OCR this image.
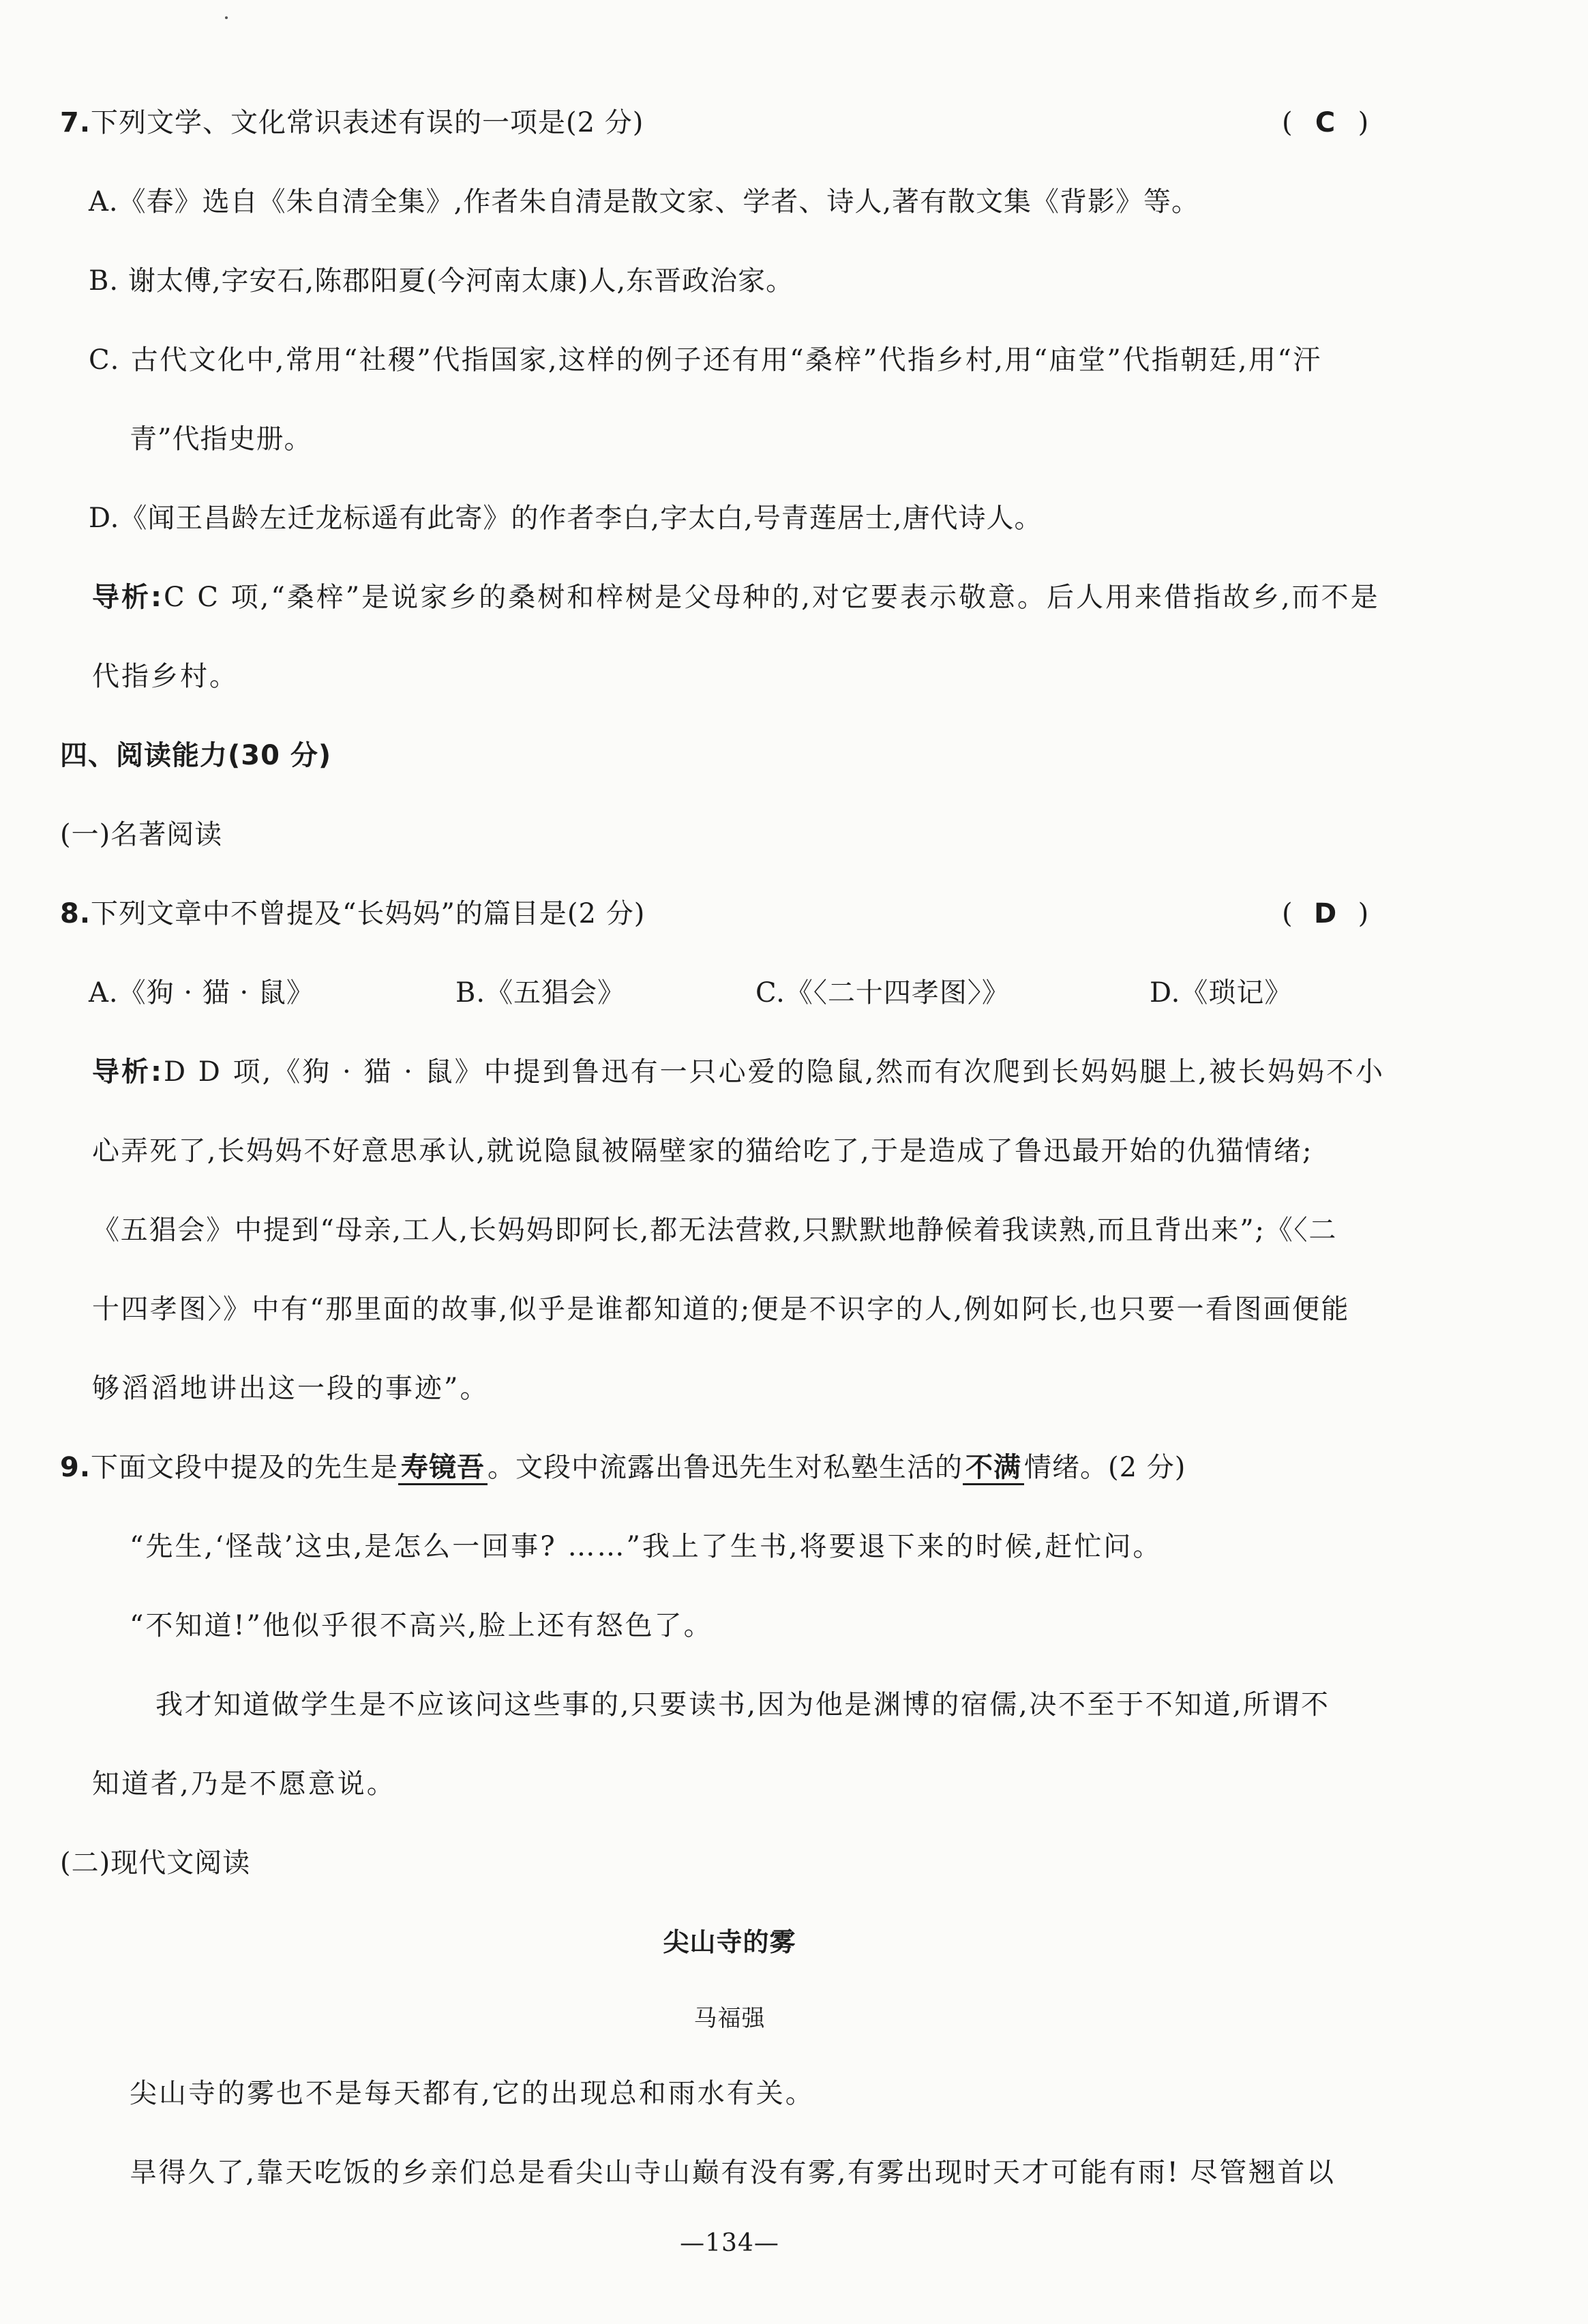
7.下列文学、文化常识表述有误的一项是(2 分)	( C )
A.《春》选自《朱自清全集》,作者朱自清是散文家、学者、诗人,著有散文集《背影》等。
B. 谢太傅,字安石,陈郡阳夏(今河南太康)人,东晋政治家。
C. 古代文化中,常用“社稷”代指国家,这样的例子还有用“桑梓”代指乡村,用“庙堂”代指朝廷,用“汗
青”代指史册。
D.《闻王昌龄左迁龙标遥有此寄》的作者李白,字太白,号青莲居士,唐代诗人。
导析:C C 项,“桑梓”是说家乡的桑树和梓树是父母种的,对它要表示敬意。后人用来借指故乡,而不是
代指乡村。
四、阅读能力(30 分)
(一)名著阅读
8.下列文章中不曾提及“长妈妈”的篇目是(2 分)	( D )
A.《狗 · 猫 · 鼠》	B.《五猖会》	C.《〈二十四孝图〉》	D.《琐记》
导析:D D 项,《狗 · 猫 · 鼠》中提到鲁迅有一只心爱的隐鼠,然而有次爬到长妈妈腿上,被长妈妈不小
心弄死了,长妈妈不好意思承认,就说隐鼠被隔壁家的猫给吃了,于是造成了鲁迅最开始的仇猫情绪;
《五猖会》中提到“母亲,工人,长妈妈即阿长,都无法营救,只默默地静候着我读熟,而且背出来”;《〈二
十四孝图〉》中有“那里面的故事,似乎是谁都知道的;便是不识字的人,例如阿长,也只要一看图画便能
够滔滔地讲出这一段的事迹”。
9.下面文段中提及的先生是 寿镜吾 。文段中流露出鲁迅先生对私塾生活的 不满 情绪。(2 分)
“先生,‘怪哉’这虫,是怎么一回事? ……”我上了生书,将要退下来的时候,赶忙问。
“不知道!”他似乎很不高兴,脸上还有怒色了。
我才知道做学生是不应该问这些事的,只要读书,因为他是渊博的宿儒,决不至于不知道,所谓不
知道者,乃是不愿意说。
(二)现代文阅读
尖山寺的雾
马福强
尖山寺的雾也不是每天都有,它的出现总和雨水有关。
旱得久了,靠天吃饭的乡亲们总是看尖山寺山巅有没有雾,有雾出现时天才可能有雨! 尽管翘首以
—134—
